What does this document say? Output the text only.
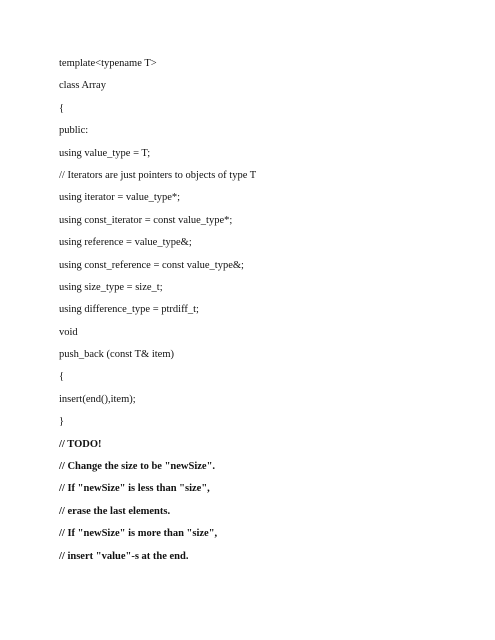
template<typename T>
class Array
{
public:
using value_type = T;
// Iterators are just pointers to objects of type T
using iterator = value_type*;
using const_iterator = const value_type*;
using reference = value_type&;
using const_reference = const value_type&;
using size_type = size_t;
using difference_type = ptrdiff_t;
void
push_back (const T& item)
{
insert(end(),item);
}
// TODO!
// Change the size to be "newSize".
// If "newSize" is less than "size",
// erase the last elements.
// If "newSize" is more than "size",
// insert "value"-s at the end.
